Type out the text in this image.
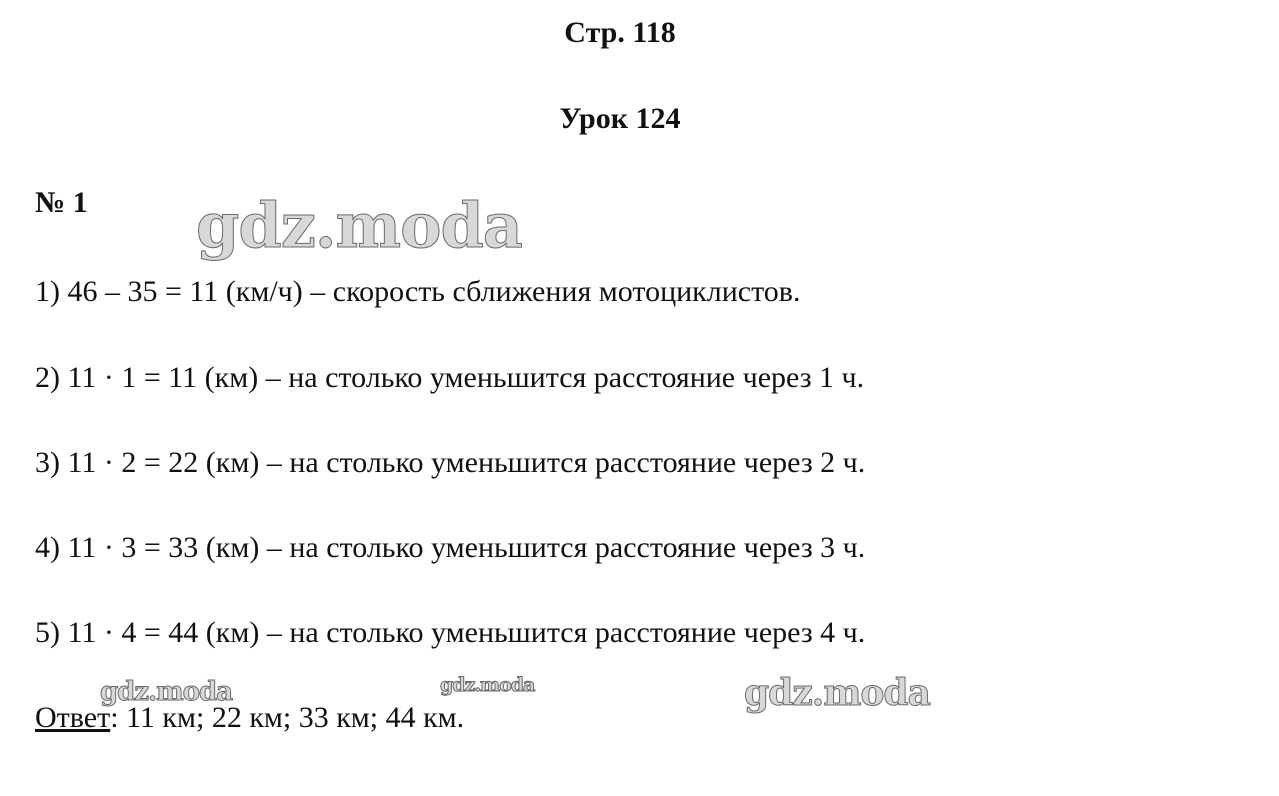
Стр. 118
Урок 124
№ 1 gdz.moda

1) 46 – 35 = 11 (км/ч) – скорость сближения мотоциклистов.

2) 11 · 1 = 11 (км) – на столько уменьшится расстояние через 1 ч.

3) 11 · 2 = 22 (км) – на столько уменьшится расстояние через 2 ч.

4) 11 · 3 = 33 (км) – на столько уменьшится расстояние через 3 ч.

5) 11 · 4 = 44 (км) – на столько уменьшится расстояние через 4 ч.

Ответ: 11 км; 22 км; 33 км; 44 км.

gdz.moda	gdz.moda	gdz.moda
